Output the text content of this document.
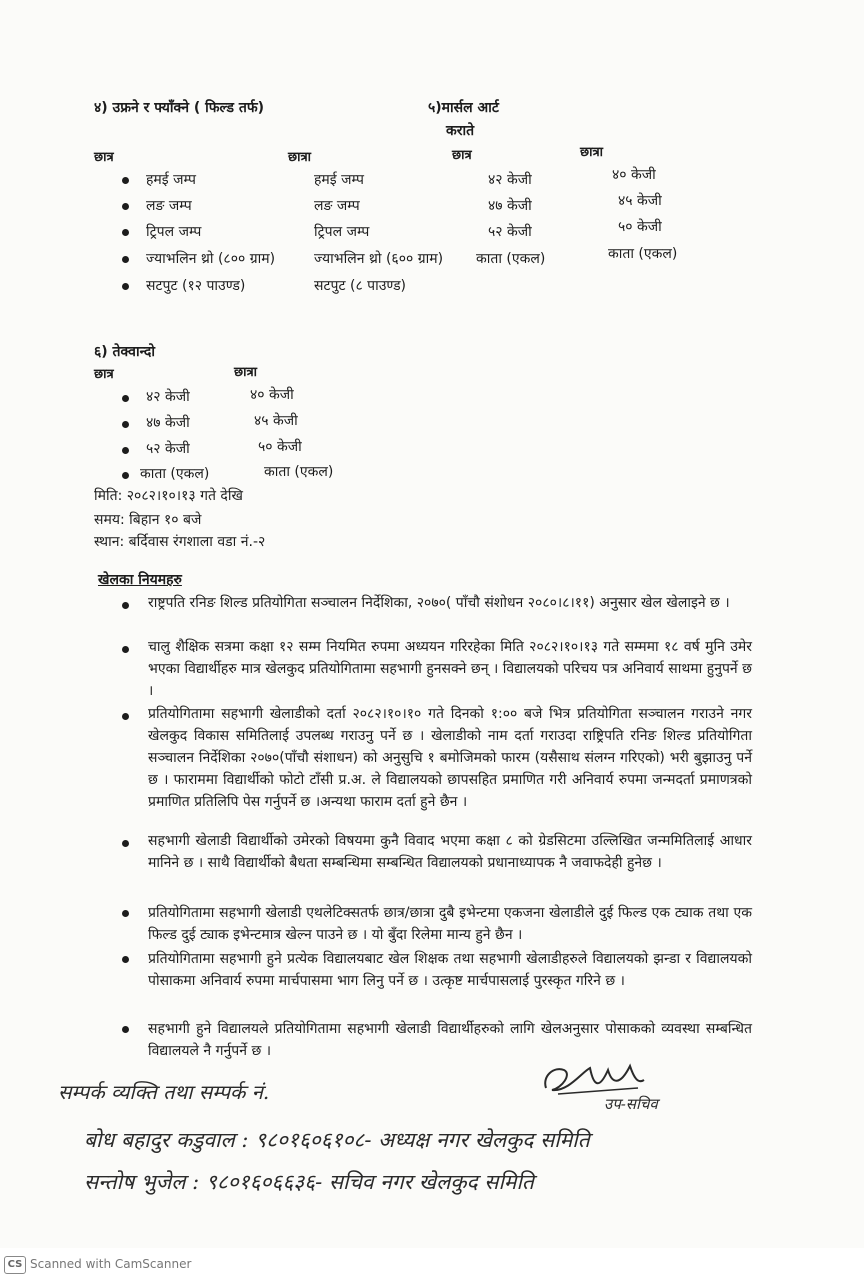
४) उफ्रने र फ्याँक्ने ( फिल्ड तर्फ)
छात्र	छात्रा
हमई जम्प	हमई जम्प
लङ जम्प	लङ जम्प
ट्रिपल जम्प	ट्रिपल जम्प
ज्याभलिन थ्रो (८०० ग्राम)	ज्याभलिन थ्रो (६०० ग्राम)
सटपुट (१२ पाउण्ड)	सटपुट (८ पाउण्ड)
५)मार्सल आर्ट
कराते
छात्र	छात्रा
४२ केजी	४० केजी
४७ केजी	४५ केजी
५२ केजी	५० केजी
काता (एकल)	काता (एकल)
६) तेक्वान्दो
छात्र	छात्रा
४२ केजी	४० केजी
४७ केजी	४५ केजी
५२ केजी	५० केजी
काता (एकल)	काता (एकल)
मिति: २०८२।१०।१३ गते देखि
समय: बिहान १० बजे
स्थान: बर्दिवास रंगशाला वडा नं.-२
खेलका नियमहरु
राष्ट्रपति रनिङ शिल्ड प्रतियोगिता सञ्चालन निर्देशिका, २०७०( पाँचौ संशोधन २०८०।८।११) अनुसार खेल खेलाइने छ ।
चालु शैक्षिक सत्रमा कक्षा १२ सम्म नियमित रुपमा अध्ययन गरिरहेका मिति २०८२।१०।१३ गते सम्ममा १८ वर्ष मुनि उमेर भएका विद्यार्थीहरु मात्र खेलकुद प्रतियोगितामा सहभागी हुनसक्ने छन् । विद्यालयको परिचय पत्र अनिवार्य साथमा हुनुपर्ने छ ।
प्रतियोगितामा सहभागी खेलाडीको दर्ता २०८२।१०।१० गते दिनको १:०० बजे भित्र प्रतियोगिता सञ्चालन गराउने नगर खेलकुद विकास समितिलाई उपलब्ध गराउनु पर्ने छ । खेलाडीको नाम दर्ता गराउदा राष्ट्रिपति रनिङ शिल्ड प्रतियोगिता सञ्चालन निर्देशिका २०७०(पाँचौ संशाधन) को अनुसुचि १ बमोजिमको फारम (यसैसाथ संलग्न गरिएको) भरी बुझाउनु पर्ने छ । फाराममा विद्यार्थीको फोटो टाँसी प्र.अ. ले विद्यालयको छापसहित प्रमाणित गरी अनिवार्य रुपमा जन्मदर्ता प्रमाणत्रको प्रमाणित प्रतिलिपि पेस गर्नुपर्ने छ ।अन्यथा फाराम दर्ता हुने छैन ।
सहभागी खेलाडी विद्यार्थीको उमेरको विषयमा कुनै विवाद भएमा कक्षा ८ को ग्रेडसिटमा उल्लिखित जन्ममितिलाई आधार मानिने छ । साथै विद्यार्थीको बैधता सम्बन्धिमा सम्बन्धित विद्यालयको प्रधानाध्यापक नै जवाफदेही हुनेछ ।
प्रतियोगितामा सहभागी खेलाडी एथलेटिक्सतर्फ छात्र/छात्रा दुबै इभेन्टमा एकजना खेलाडीले दुई फिल्ड एक ट्याक तथा एक फिल्ड दुई ट्याक इभेन्टमात्र खेल्न पाउने छ । यो बुँदा रिलेमा मान्य हुने छैन ।
प्रतियोगितामा सहभागी हुने प्रत्येक विद्यालयबाट खेल शिक्षक तथा सहभागी खेलाडीहरुले विद्यालयको झन्डा र विद्यालयको पोसाकमा अनिवार्य रुपमा मार्चपासमा भाग लिनु पर्ने छ । उत्कृष्ट मार्चपासलाई पुरस्कृत गरिने छ ।
सहभागी हुने विद्यालयले प्रतियोगितामा सहभागी खेलाडी विद्यार्थीहरुको लागि खेलअनुसार पोसाकको व्यवस्था सम्बन्धित विद्यालयले नै गर्नुपर्ने छ ।
सम्पर्क व्यक्ति तथा सम्पर्क नं.	उप-सचिव
बोध बहादुर कडुवाल : ९८०१६०६१०८- अध्यक्ष नगर खेलकुद समिति
सन्तोष भुजेल : ९८०१६०६६३६- सचिव नगर खेलकुद समिति
CS Scanned with CamScanner
